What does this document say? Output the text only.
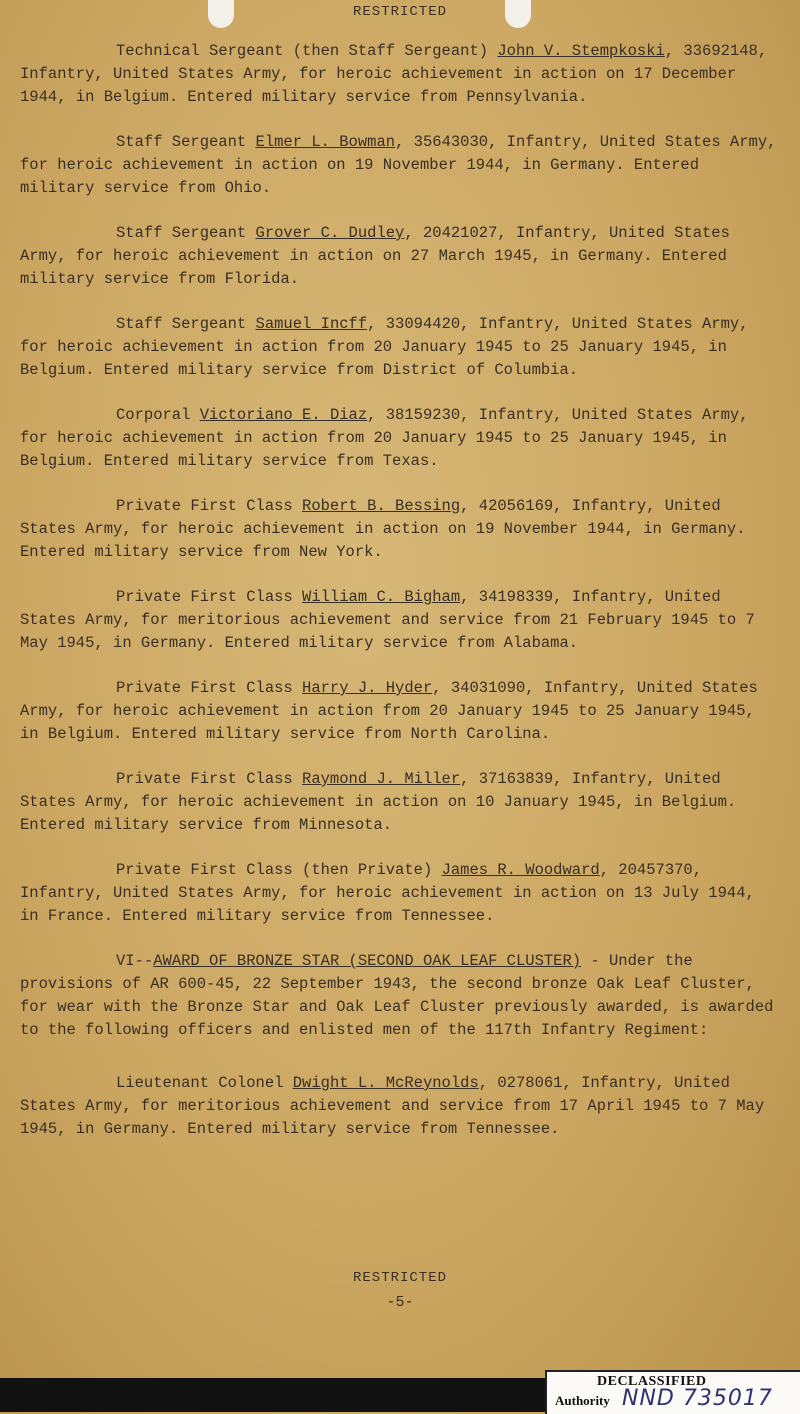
RESTRICTED

Technical Sergeant (then Staff Sergeant) John V. Stempkoski, 33692148, Infantry, United States Army, for heroic achievement in action on 17 December 1944, in Belgium. Entered military service from Pennsylvania.

Staff Sergeant Elmer L. Bowman, 35643030, Infantry, United States Army, for heroic achievement in action on 19 November 1944, in Germany. Entered military service from Ohio.

Staff Sergeant Grover C. Dudley, 20421027, Infantry, United States Army, for heroic achievement in action on 27 March 1945, in Germany. Entered military service from Florida.

Staff Sergeant Samuel Incff, 33094420, Infantry, United States Army, for heroic achievement in action from 20 January 1945 to 25 January 1945, in Belgium. Entered military service from District of Columbia.

Corporal Victoriano E. Diaz, 38159230, Infantry, United States Army, for heroic achievement in action from 20 January 1945 to 25 January 1945, in Belgium. Entered military service from Texas.

Private First Class Robert B. Bessing, 42056169, Infantry, United States Army, for heroic achievement in action on 19 November 1944, in Germany. Entered military service from New York.

Private First Class William C. Bigham, 34198339, Infantry, United States Army, for meritorious achievement and service from 21 February 1945 to 7 May 1945, in Germany. Entered military service from Alabama.

Private First Class Harry J. Hyder, 34031090, Infantry, United States Army, for heroic achievement in action from 20 January 1945 to 25 January 1945, in Belgium. Entered military service from North Carolina.

Private First Class Raymond J. Miller, 37163839, Infantry, United States Army, for heroic achievement in action on 10 January 1945, in Belgium. Entered military service from Minnesota.

Private First Class (then Private) James R. Woodward, 20457370, Infantry, United States Army, for heroic achievement in action on 13 July 1944, in France. Entered military service from Tennessee.

VI--AWARD OF BRONZE STAR (SECOND OAK LEAF CLUSTER) - Under the provisions of AR 600-45, 22 September 1943, the second bronze Oak Leaf Cluster, for wear with the Bronze Star and Oak Leaf Cluster previously awarded, is awarded to the following officers and enlisted men of the 117th Infantry Regiment:

Lieutenant Colonel Dwight L. McReynolds, 0278061, Infantry, United States Army, for meritorious achievement and service from 17 April 1945 to 7 May 1945, in Germany. Entered military service from Tennessee.

RESTRICTED
-5-
DECLASSIFIED
Authority NND 735017
